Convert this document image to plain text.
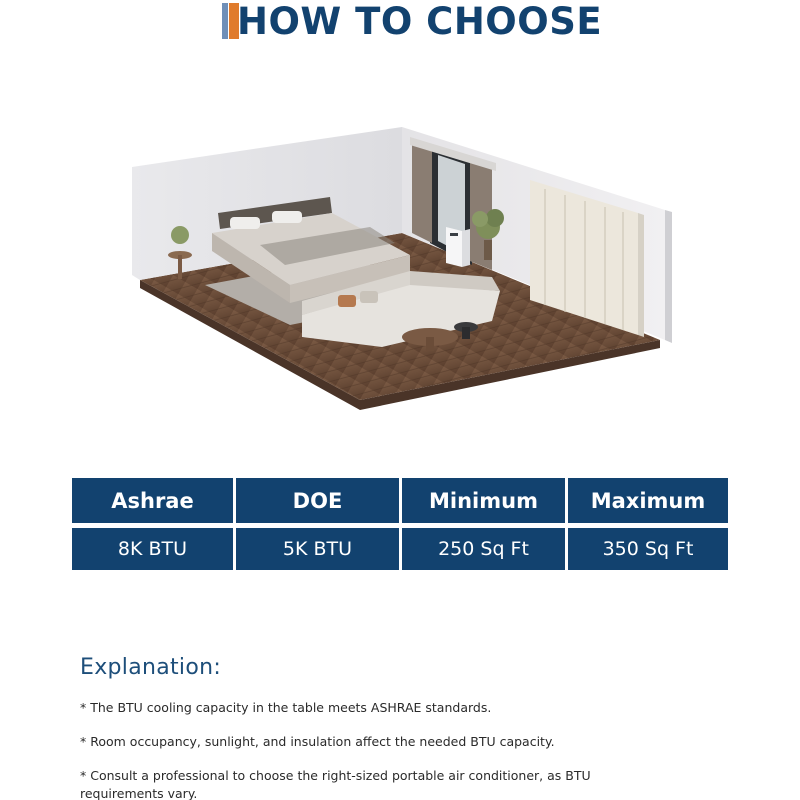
HOW TO CHOOSE
Ashrae	DOE	Minimum	Maximum
8K BTU	5K BTU	250 Sq Ft	350 Sq Ft
Explanation:
* The BTU cooling capacity in the table meets ASHRAE standards.
* Room occupancy, sunlight, and insulation affect the needed BTU capacity.
* Consult a professional to choose the right-sized portable air conditioner, as BTU requirements vary.
